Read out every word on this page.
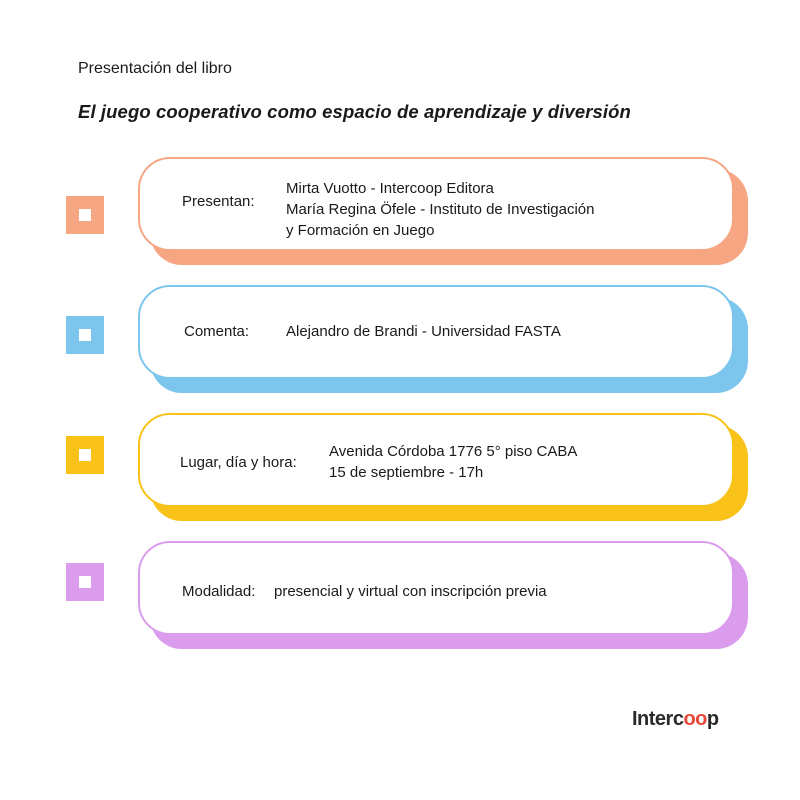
Presentación del libro
El juego cooperativo como espacio de aprendizaje y diversión
Presentan:
Mirta Vuotto - Intercoop Editora
María Regina Öfele - Instituto de Investigación
y Formación en Juego
Comenta: Alejandro de Brandi - Universidad FASTA
Lugar, día y hora:
Avenida Córdoba 1776 5° piso CABA
15 de septiembre - 17h
Modalidad: presencial y virtual con inscripción previa
Intercoop
